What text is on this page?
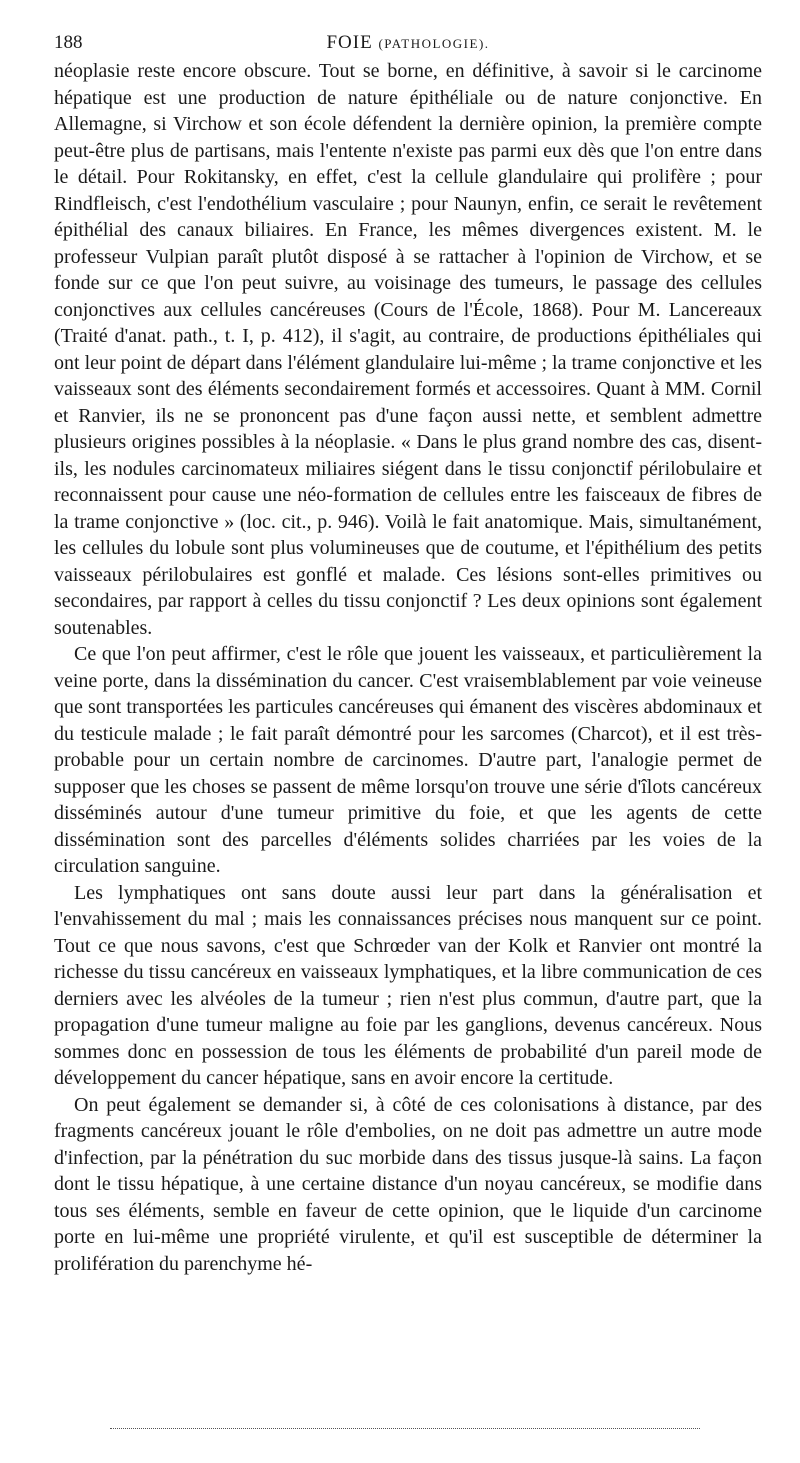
188	FOIE (PATHOLOGIE).

néoplasie reste encore obscure. Tout se borne, en définitive, à savoir si le carcinome hépatique est une production de nature épithéliale ou de nature conjonctive. En Allemagne, si Virchow et son école défendent la dernière opinion, la première compte peut-être plus de partisans, mais l'entente n'existe pas parmi eux dès que l'on entre dans le détail. Pour Rokitansky, en effet, c'est la cellule glandulaire qui prolifère ; pour Rindfleisch, c'est l'endothélium vasculaire ; pour Naunyn, enfin, ce serait le revêtement épithélial des canaux biliaires. En France, les mêmes divergences existent. M. le professeur Vulpian paraît plutôt disposé à se rattacher à l'opinion de Virchow, et se fonde sur ce que l'on peut suivre, au voisinage des tumeurs, le passage des cellules conjonctives aux cellules cancéreuses (Cours de l'École, 1868). Pour M. Lancereaux (Traité d'anat. path., t. I, p. 412), il s'agit, au contraire, de productions épithéliales qui ont leur point de départ dans l'élément glandulaire lui-même ; la trame conjonctive et les vaisseaux sont des éléments secondairement formés et accessoires. Quant à MM. Cornil et Ranvier, ils ne se prononcent pas d'une façon aussi nette, et semblent admettre plusieurs origines possibles à la néoplasie. « Dans le plus grand nombre des cas, disent-ils, les nodules carcinomateux miliaires siégent dans le tissu conjonctif périlobulaire et reconnaissent pour cause une néo-formation de cellules entre les faisceaux de fibres de la trame conjonctive » (loc. cit., p. 946). Voilà le fait anatomique. Mais, simultanément, les cellules du lobule sont plus volumineuses que de coutume, et l'épithélium des petits vaisseaux périlobulaires est gonflé et malade. Ces lésions sont-elles primitives ou secondaires, par rapport à celles du tissu conjonctif ? Les deux opinions sont également soutenables.

Ce que l'on peut affirmer, c'est le rôle que jouent les vaisseaux, et particulièrement la veine porte, dans la dissémination du cancer. C'est vraisemblablement par voie veineuse que sont transportées les particules cancéreuses qui émanent des viscères abdominaux et du testicule malade ; le fait paraît démontré pour les sarcomes (Charcot), et il est très-probable pour un certain nombre de carcinomes. D'autre part, l'analogie permet de supposer que les choses se passent de même lorsqu'on trouve une série d'îlots cancéreux disséminés autour d'une tumeur primitive du foie, et que les agents de cette dissémination sont des parcelles d'éléments solides charriées par les voies de la circulation sanguine.

Les lymphatiques ont sans doute aussi leur part dans la généralisation et l'envahissement du mal ; mais les connaissances précises nous manquent sur ce point. Tout ce que nous savons, c'est que Schrœder van der Kolk et Ranvier ont montré la richesse du tissu cancéreux en vaisseaux lymphatiques, et la libre communication de ces derniers avec les alvéoles de la tumeur ; rien n'est plus commun, d'autre part, que la propagation d'une tumeur maligne au foie par les ganglions, devenus cancéreux. Nous sommes donc en possession de tous les éléments de probabilité d'un pareil mode de développement du cancer hépatique, sans en avoir encore la certitude.

On peut également se demander si, à côté de ces colonisations à distance, par des fragments cancéreux jouant le rôle d'embolies, on ne doit pas admettre un autre mode d'infection, par la pénétration du suc morbide dans des tissus jusque-là sains. La façon dont le tissu hépatique, à une certaine distance d'un noyau cancéreux, se modifie dans tous ses éléments, semble en faveur de cette opinion, que le liquide d'un carcinome porte en lui-même une propriété virulente, et qu'il est susceptible de déterminer la prolifération du parenchyme hé-
